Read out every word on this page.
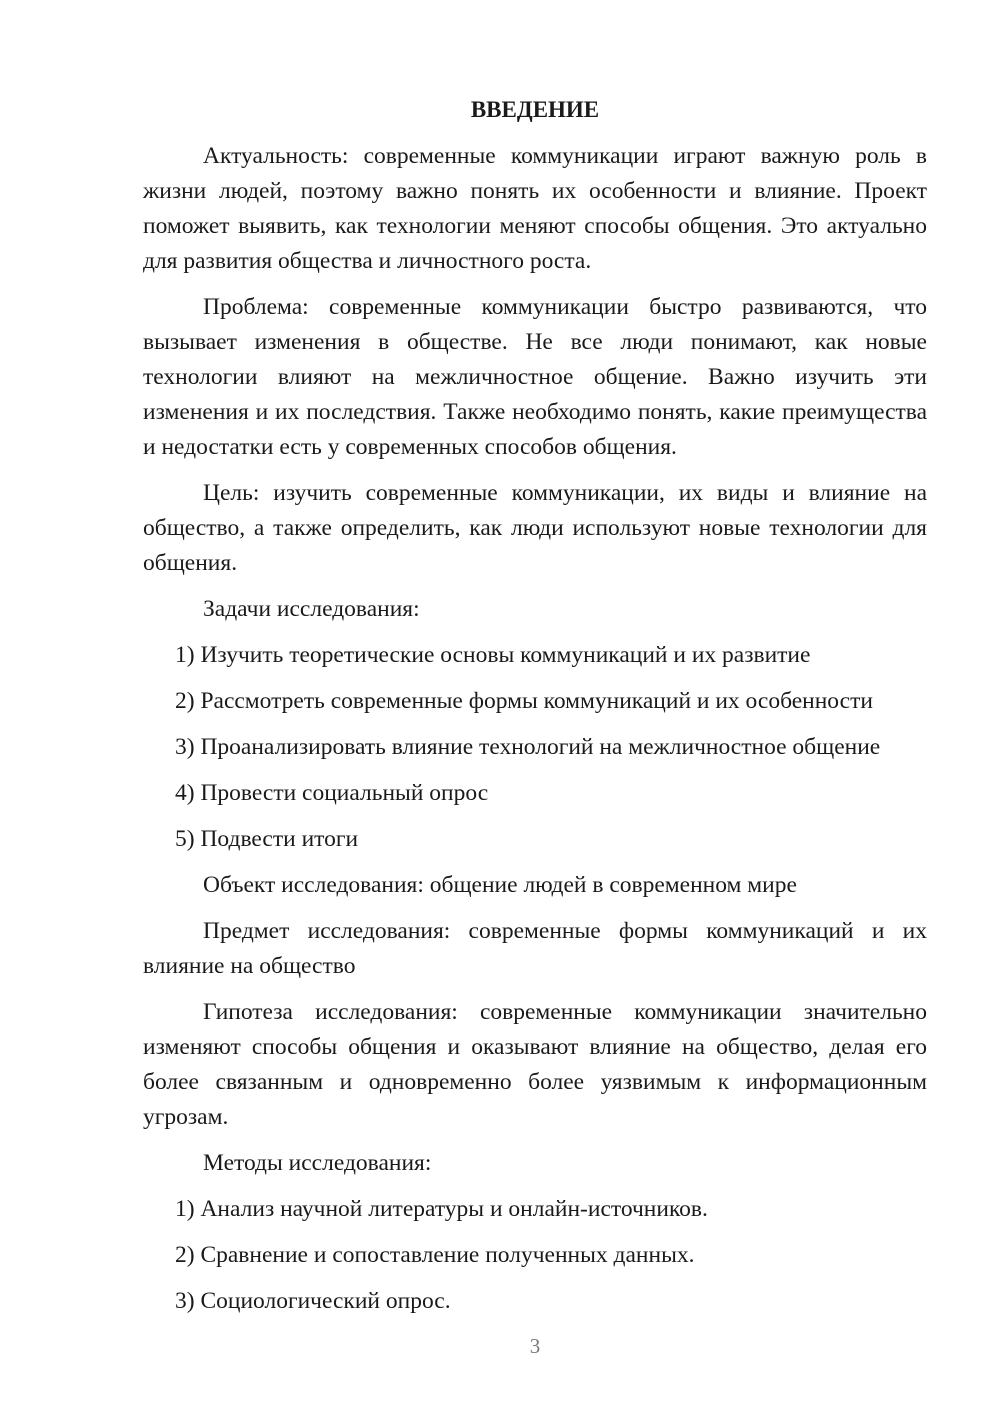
ВВЕДЕНИЕ

Актуальность: современные коммуникации играют важную роль в жизни людей, поэтому важно понять их особенности и влияние. Проект поможет выявить, как технологии меняют способы общения. Это актуально для развития общества и личностного роста.

Проблема: современные коммуникации быстро развиваются, что вызывает изменения в обществе. Не все люди понимают, как новые технологии влияют на межличностное общение. Важно изучить эти изменения и их последствия. Также необходимо понять, какие преимущества и недостатки есть у современных способов общения.

Цель: изучить современные коммуникации, их виды и влияние на общество, а также определить, как люди используют новые технологии для общения.

Задачи исследования:

1) Изучить теоретические основы коммуникаций и их развитие
2) Рассмотреть современные формы коммуникаций и их особенности
3) Проанализировать влияние технологий на межличностное общение
4) Провести социальный опрос
5) Подвести итоги

Объект исследования: общение людей в современном мире

Предмет исследования: современные формы коммуникаций и их влияние на общество

Гипотеза исследования: современные коммуникации значительно изменяют способы общения и оказывают влияние на общество, делая его более связанным и одновременно более уязвимым к информационным угрозам.

Методы исследования:

1) Анализ научной литературы и онлайн-источников.
2) Сравнение и сопоставление полученных данных.
3) Социологический опрос.
3
